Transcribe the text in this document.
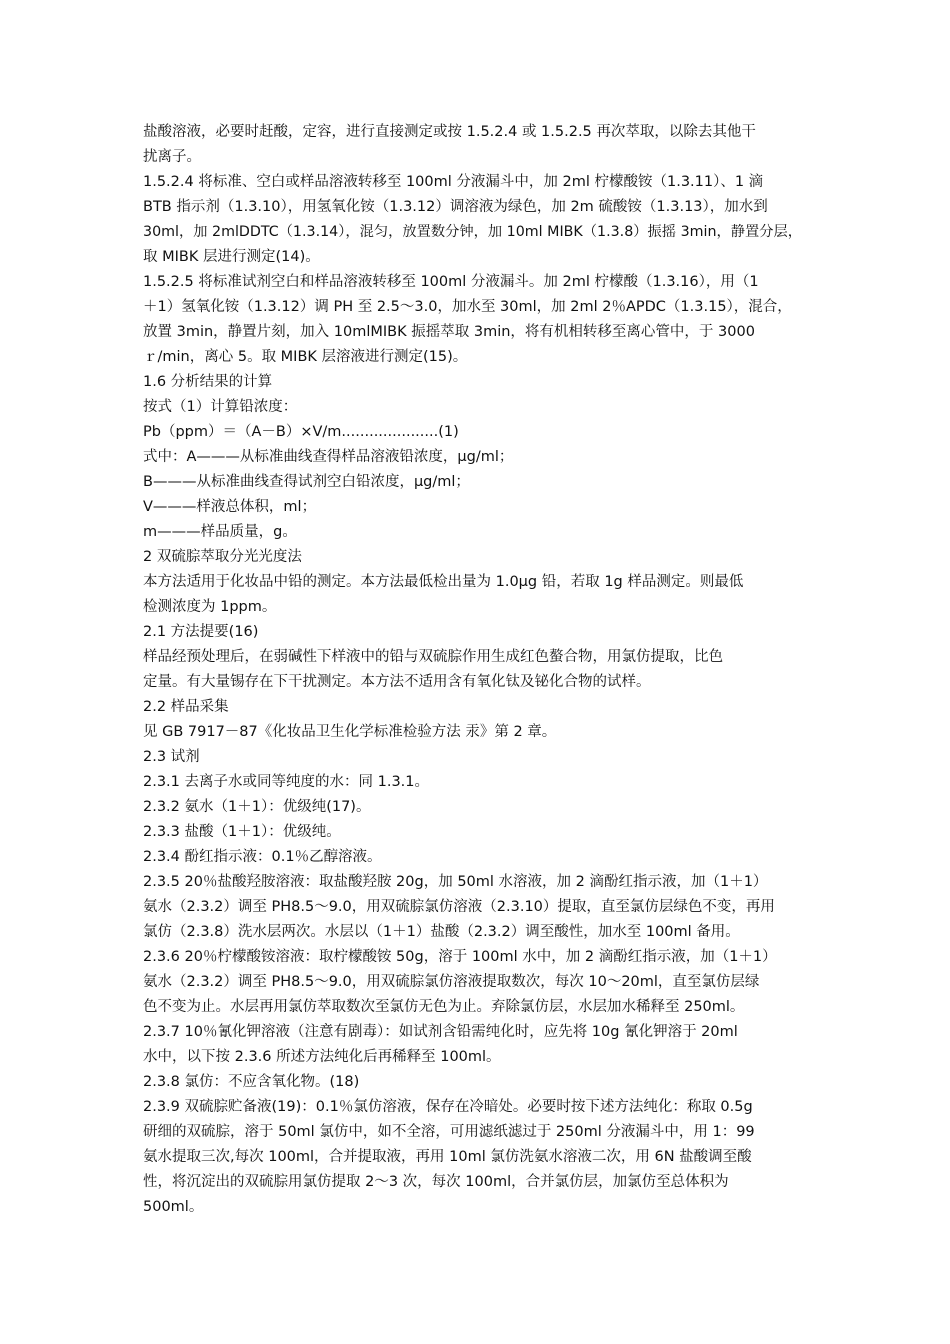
盐酸溶液，必要时赶酸，定容，进行直接测定或按 1.5.2.4 或 1.5.2.5 再次萃取，以除去其他干
扰离子。
1.5.2.4 将标准、空白或样品溶液转移至 100ml 分液漏斗中，加 2ml 柠檬酸铵（1.3.11）、1 滴
BTB 指示剂（1.3.10），用氢氧化铵（1.3.12）调溶液为绿色，加 2m 硫酸铵（1.3.13），加水到
30ml，加 2mlDDTC（1.3.14），混匀，放置数分钟，加 10ml MIBK（1.3.8）振摇 3min，静置分层，
取 MIBK 层进行测定(14)。
1.5.2.5 将标准试剂空白和样品溶液转移至 100ml 分液漏斗。加 2ml 柠檬酸（1.3.16），用（1
＋1）氢氧化铵（1.3.12）调 PH 至 2.5～3.0，加水至 30ml，加 2ml 2％APDC（1.3.15），混合，
放置 3min，静置片刻，加入 10mlMIBK 振摇萃取 3min，将有机相转移至离心管中，于 3000
ｒ/min，离心 5。取 MIBK 层溶液进行测定(15)。
1.6 分析结果的计算
按式（1）计算铅浓度：
Pb（ppm）＝（A－B）×V/m.....................(1)
式中：A———从标准曲线查得样品溶液铅浓度，μg/ml；
B———从标准曲线查得试剂空白铅浓度，μg/ml；
V———样液总体积，ml；
m———样品质量，g。
2 双硫腙萃取分光光度法
本方法适用于化妆品中铅的测定。本方法最低检出量为 1.0μg 铅，若取 1g 样品测定。则最低
检测浓度为 1ppm。
2.1 方法提要(16)
样品经预处理后，在弱碱性下样液中的铅与双硫腙作用生成红色螯合物，用氯仿提取，比色
定量。有大量锡存在下干扰测定。本方法不适用含有氧化钛及铋化合物的试样。
2.2 样品采集
见 GB 7917－87《化妆品卫生化学标准检验方法 汞》第 2 章。
2.3 试剂
2.3.1 去离子水或同等纯度的水：同 1.3.1。
2.3.2 氨水（1＋1）：优级纯(17)。
2.3.3 盐酸（1＋1）：优级纯。
2.3.4 酚红指示液：0.1％乙醇溶液。
2.3.5 20％盐酸羟胺溶液：取盐酸羟胺 20g，加 50ml 水溶液，加 2 滴酚红指示液，加（1＋1）
氨水（2.3.2）调至 PH8.5～9.0，用双硫腙氯仿溶液（2.3.10）提取，直至氯仿层绿色不变，再用
氯仿（2.3.8）洗水层两次。水层以（1＋1）盐酸（2.3.2）调至酸性，加水至 100ml 备用。
2.3.6 20％柠檬酸铵溶液：取柠檬酸铵 50g，溶于 100ml 水中，加 2 滴酚红指示液，加（1＋1）
氨水（2.3.2）调至 PH8.5～9.0，用双硫腙氯仿溶液提取数次，每次 10～20ml，直至氯仿层绿
色不变为止。水层再用氯仿萃取数次至氯仿无色为止。弃除氯仿层，水层加水稀释至 250ml。
2.3.7 10％氰化钾溶液（注意有剧毒）：如试剂含铅需纯化时，应先将 10g 氰化钾溶于 20ml
水中，以下按 2.3.6 所述方法纯化后再稀释至 100ml。
2.3.8 氯仿：不应含氧化物。(18)
2.3.9 双硫腙贮备液(19)：0.1％氯仿溶液，保存在冷暗处。必要时按下述方法纯化：称取 0.5g
研细的双硫腙，溶于 50ml 氯仿中，如不全溶，可用滤纸滤过于 250ml 分液漏斗中，用 1：99
氨水提取三次,每次 100ml，合并提取液，再用 10ml 氯仿洗氨水溶液二次，用 6N 盐酸调至酸
性，将沉淀出的双硫腙用氯仿提取 2～3 次，每次 100ml，合并氯仿层，加氯仿至总体积为
500ml。
